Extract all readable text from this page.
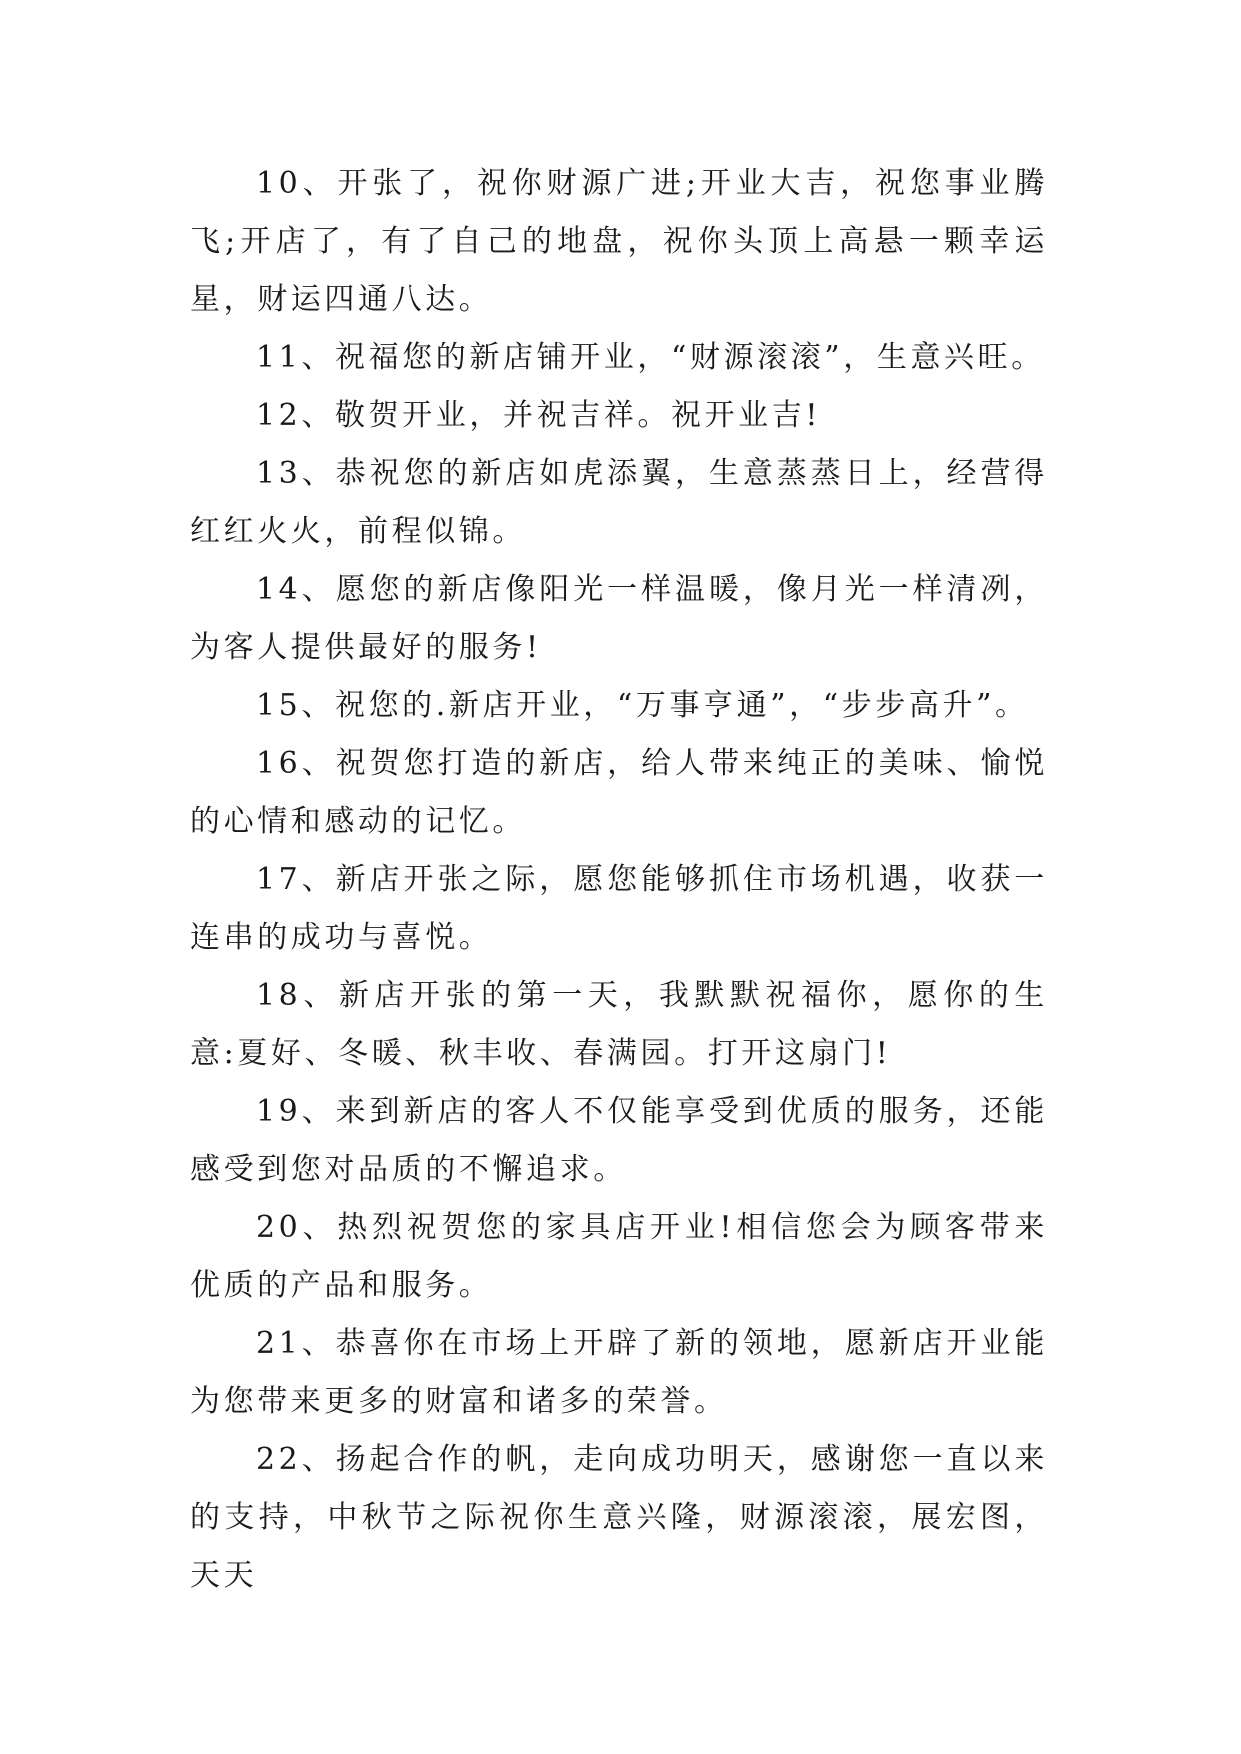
10、开张了，祝你财源广进;开业大吉，祝您事业腾飞;开店了，有了自己的地盘，祝你头顶上高悬一颗幸运星，财运四通八达。

11、祝福您的新店铺开业，“财源滚滚”，生意兴旺。

12、敬贺开业，并祝吉祥。祝开业吉!

13、恭祝您的新店如虎添翼，生意蒸蒸日上，经营得红红火火，前程似锦。

14、愿您的新店像阳光一样温暖，像月光一样清冽，为客人提供最好的服务!

15、祝您的.新店开业，“万事亨通”，“步步高升”。

16、祝贺您打造的新店，给人带来纯正的美味、愉悦的心情和感动的记忆。

17、新店开张之际，愿您能够抓住市场机遇，收获一连串的成功与喜悦。

18、新店开张的第一天，我默默祝福你，愿你的生意:夏好、冬暖、秋丰收、春满园。打开这扇门!

19、来到新店的客人不仅能享受到优质的服务，还能感受到您对品质的不懈追求。

20、热烈祝贺您的家具店开业!相信您会为顾客带来优质的产品和服务。

21、恭喜你在市场上开辟了新的领地，愿新店开业能为您带来更多的财富和诸多的荣誉。

22、扬起合作的帆，走向成功明天，感谢您一直以来的支持，中秋节之际祝你生意兴隆，财源滚滚，展宏图，天天
